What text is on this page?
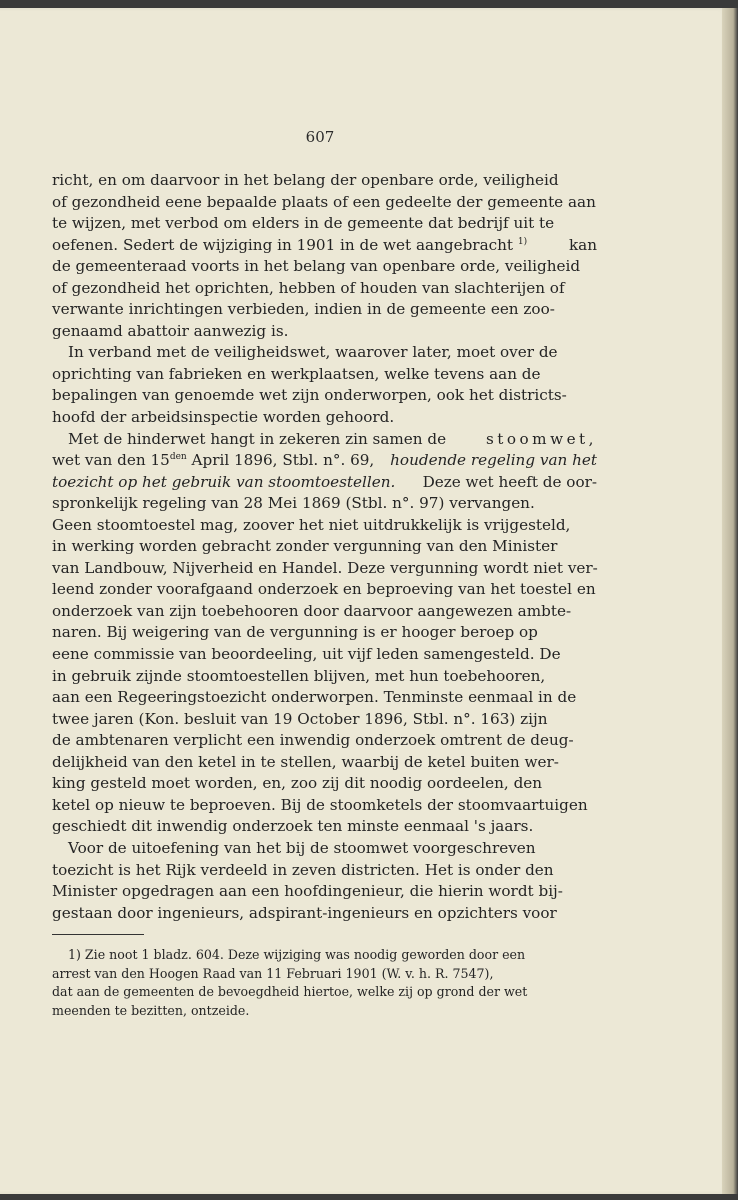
607
richt, en om daarvoor in het belang der openbare orde, veiligheid
of gezondheid eene bepaalde plaats of een gedeelte der gemeente aan
te wijzen, met verbod om elders in de gemeente dat bedrijf uit te
oefenen. Sedert de wijziging in 1901 in de wet aangebracht $^{1)}$	kan
de gemeenteraad voorts in het belang van openbare orde, veiligheid
of gezondheid het oprichten, hebben of houden van slachterijen of
verwante inrichtingen verbieden, indien in de gemeente een zoo-
genaamd abattoir aanwezig is.
In verband met de veiligheidswet, waarover later, moet over de
oprichting van fabrieken en werkplaatsen, welke tevens aan de
bepalingen van genoemde wet zijn onderworpen, ook het districts-
hoofd der arbeidsinspectie worden gehoord.
Met de hinderwet hangt in zekeren zin samen de	stoomwet,
wet van den $15^{den}$ April 1896, Stbl. n°. 69, houdende regeling van het
toezicht op het gebruik van stoomtoestellen. Deze wet heeft de oor-
spronkelijk regeling van 28 Mei 1869 (Stbl. n°. 97) vervangen.
Geen stoomtoestel mag, zoover het niet uitdrukkelijk is vrijgesteld,
in werking worden gebracht zonder vergunning van den Minister
van Landbouw, Nijverheid en Handel. Deze vergunning wordt niet ver-
leend zonder voorafgaand onderzoek en beproeving van het toestel en
onderzoek van zijn toebehooren door daarvoor aangewezen ambte-
naren. Bij weigering van de vergunning is er hooger beroep op
eene commissie van beoordeeling, uit vijf leden samengesteld. De
in gebruik zijnde stoomtoestellen blijven, met hun toebehooren,
aan een Regeeringstoezicht onderworpen. Tenminste eenmaal in de
twee jaren (Kon. besluit van 19 October 1896, Stbl. n°. 163) zijn
de ambtenaren verplicht een inwendig onderzoek omtrent de deug-
delijkheid van den ketel in te stellen, waarbij de ketel buiten wer-
king gesteld moet worden, en, zoo zij dit noodig oordeelen, den
ketel op nieuw te beproeven. Bij de stoomketels der stoomvaartuigen
geschiedt dit inwendig onderzoek ten minste eenmaal 's jaars.
Voor de uitoefening van het bij de stoomwet voorgeschreven
toezicht is het Rijk verdeeld in zeven districten. Het is onder den
Minister opgedragen aan een hoofdingenieur, die hierin wordt bij-
gestaan door ingenieurs, adspirant-ingenieurs en opzichters voor
1) Zie noot 1 bladz. 604. Deze wijziging was noodig geworden door een
arrest van den Hoogen Raad van 11 Februari 1901 (W. v. h. R. 7547),
dat aan de gemeenten de bevoegdheid hiertoe, welke zij op grond der wet
meenden te bezitten, ontzeide.
